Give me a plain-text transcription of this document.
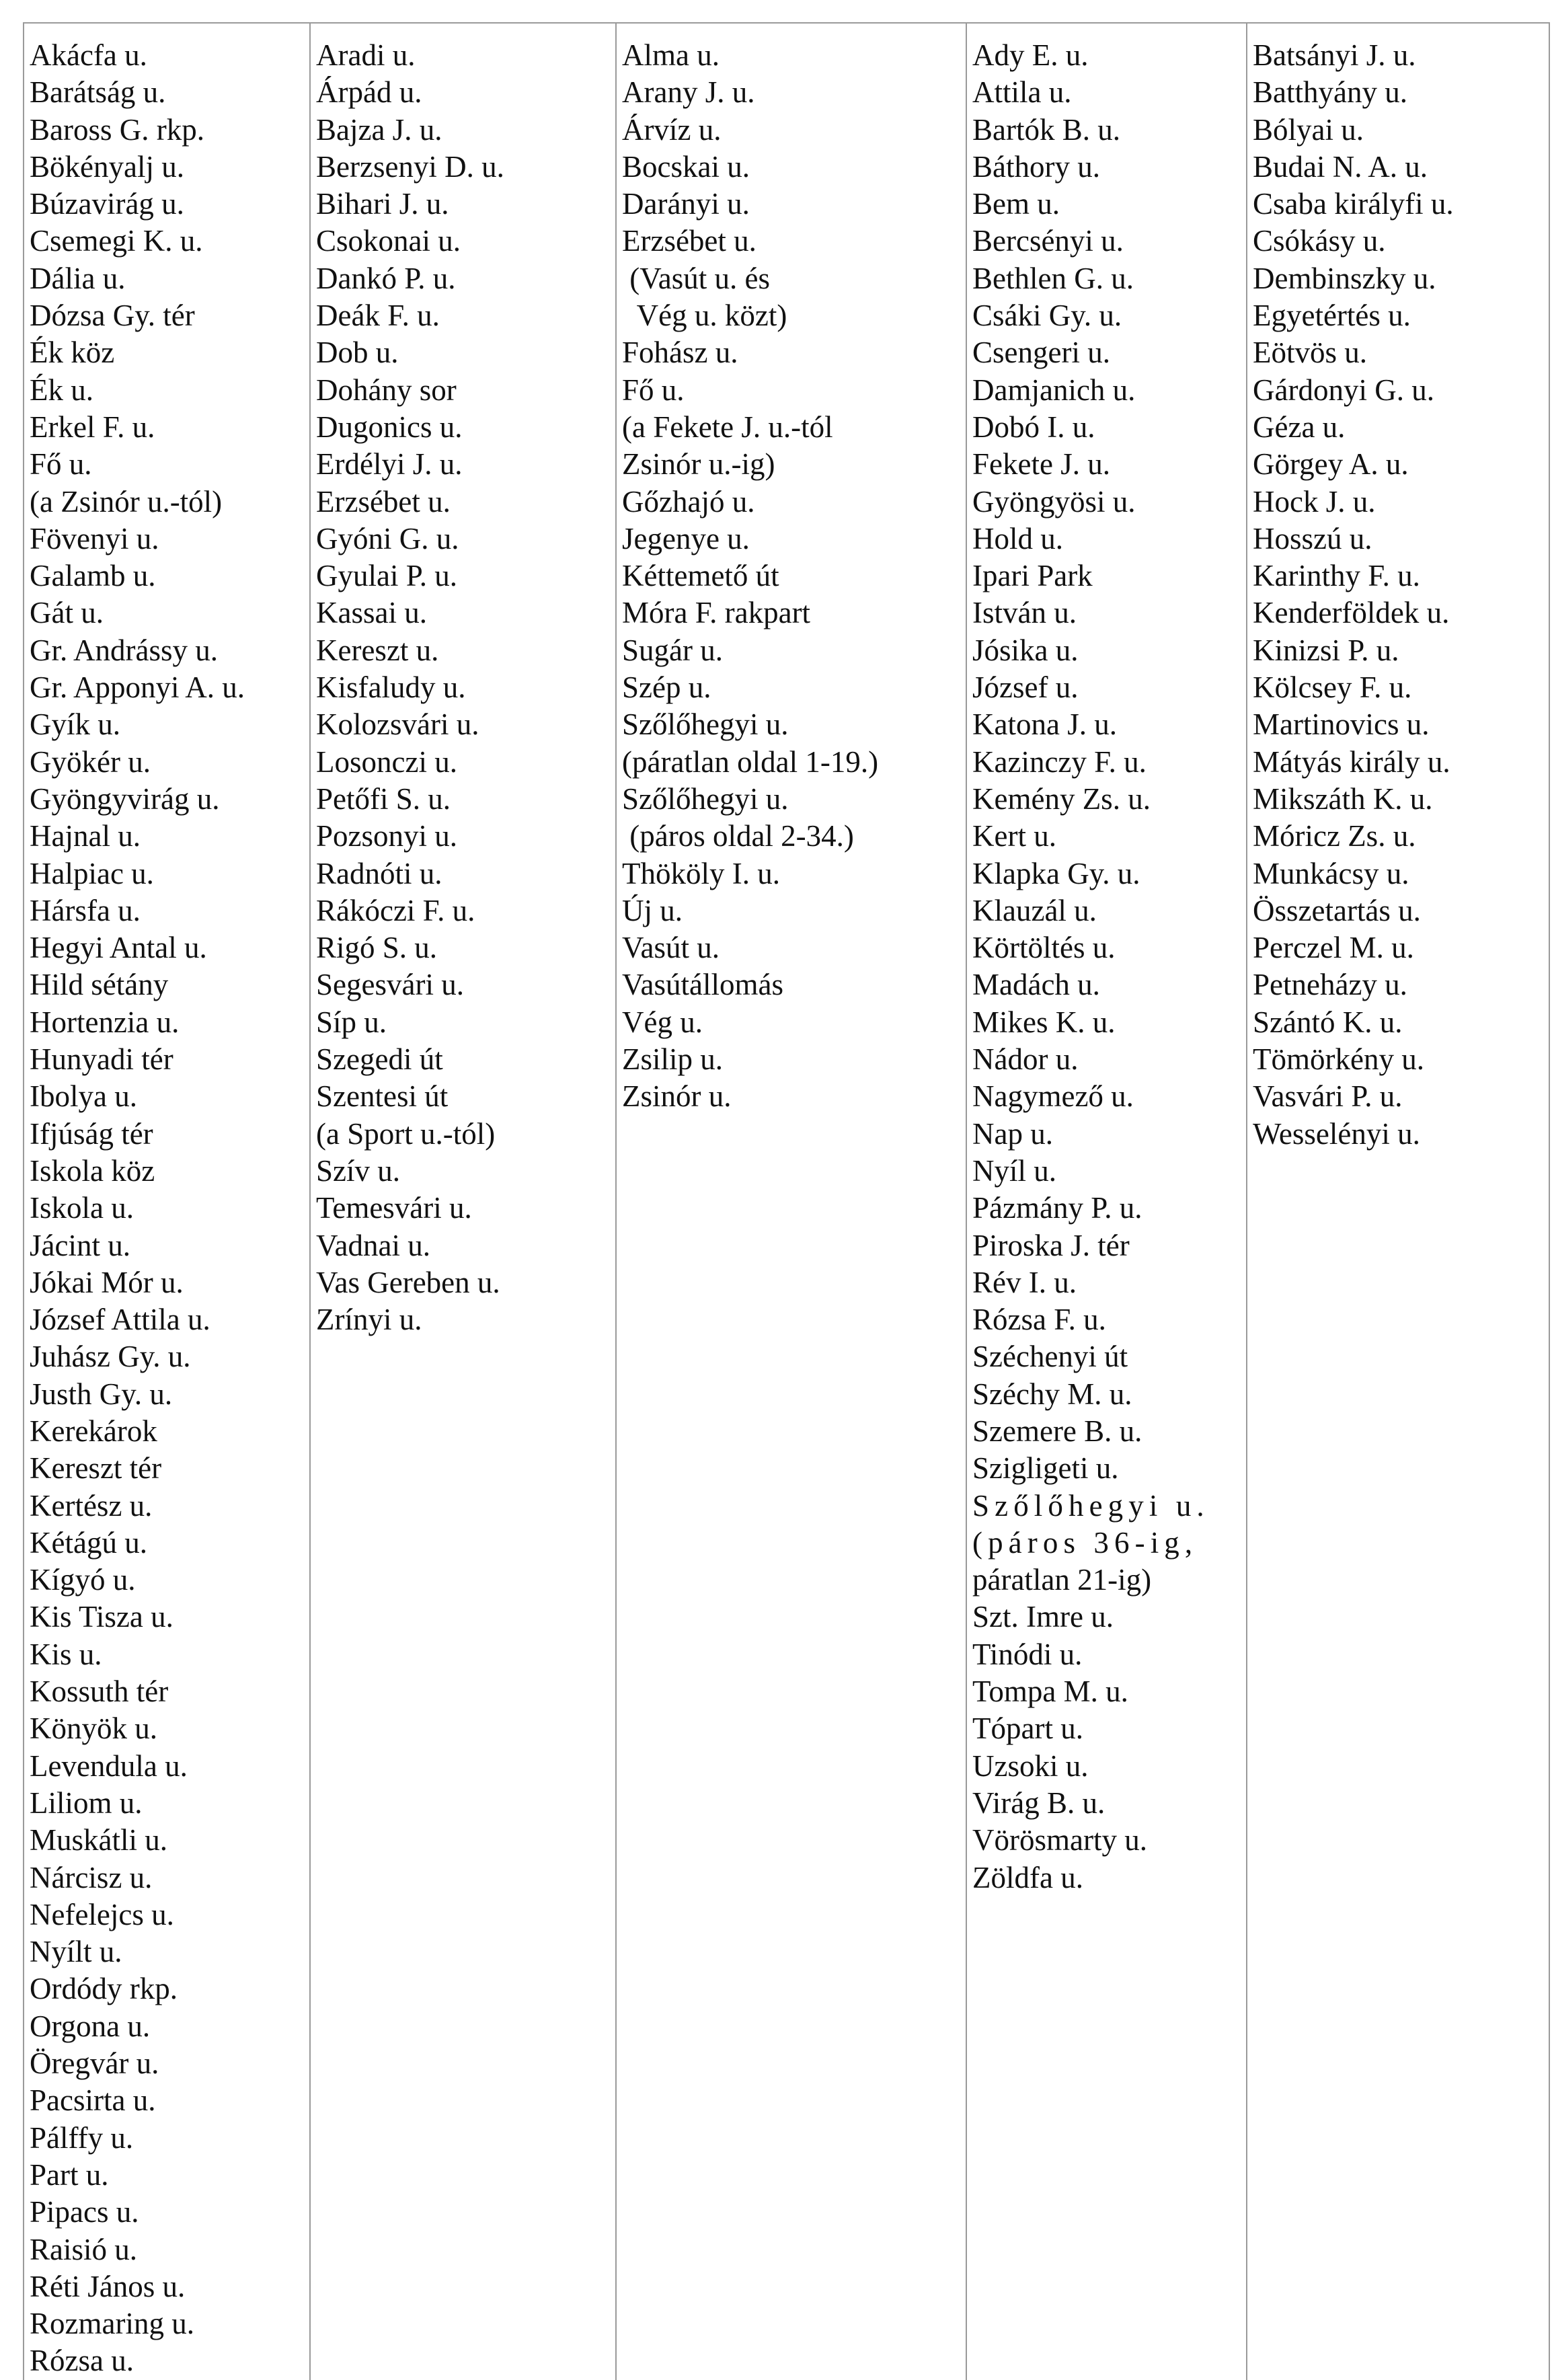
Akácfa u.
Barátság u.
Baross G. rkp.
Bökényalj u.
Búzavirág u.
Csemegi K. u.
Dália u.
Dózsa Gy. tér
Ék köz
Ék u.
Erkel F. u.
Fő u.
(a Zsinór u.-tól)
Fövenyi u.
Galamb u.
Gát u.
Gr. Andrássy u.
Gr. Apponyi A. u.
Gyík u.
Gyökér u.
Gyöngyvirág u.
Hajnal u.
Halpiac u.
Hársfa u.
Hegyi Antal u.
Hild sétány
Hortenzia u.
Hunyadi tér
Ibolya u.
Ifjúság tér
Iskola köz
Iskola u.
Jácint u.
Jókai Mór u.
József Attila u.
Juhász Gy. u.
Justh Gy. u.
Kerekárok
Kereszt tér
Kertész u.
Kétágú u.
Kígyó u.
Kis Tisza u.
Kis u.
Kossuth tér
Könyök u.
Levendula u.
Liliom u.
Muskátli u.
Nárcisz u.
Nefelejcs u.
Nyílt u.
Ordódy rkp.
Orgona u.
Öregvár u.
Pacsirta u.
Pálffy u.
Part u.
Pipacs u.
Raisió u.
Réti János u.
Rozmaring u.
Rózsa u.

Aradi u.
Árpád u.
Bajza J. u.
Berzsenyi D. u.
Bihari J. u.
Csokonai u.
Dankó P. u.
Deák F. u.
Dob u.
Dohány sor
Dugonics u.
Erdélyi J. u.
Erzsébet u.
Gyóni G. u.
Gyulai P. u.
Kassai u.
Kereszt u.
Kisfaludy u.
Kolozsvári u.
Losonczi u.
Petőfi S. u.
Pozsonyi u.
Radnóti u.
Rákóczi F. u.
Rigó S. u.
Segesvári u.
Síp u.
Szegedi út
Szentesi út
(a Sport u.-tól)
Szív u.
Temesvári u.
Vadnai u.
Vas Gereben u.
Zrínyi u.

Alma u.
Arany J. u.
Árvíz u.
Bocskai u.
Darányi u.
Erzsébet u.
(Vasút u. és
Vég u. közt)
Fohász u.
Fő u.
(a Fekete J. u.-tól
Zsinór u.-ig)
Gőzhajó u.
Jegenye u.
Kéttemető út
Móra F. rakpart
Sugár u.
Szép u.
Szőlőhegyi u.
(páratlan oldal 1-19.)
Szőlőhegyi u.
(páros oldal 2-34.)
Thököly I. u.
Új u.
Vasút u.
Vasútállomás
Vég u.
Zsilip u.
Zsinór u.

Ady E. u.
Attila u.
Bartók B. u.
Báthory u.
Bem u.
Bercsényi u.
Bethlen G. u.
Csáki Gy. u.
Csengeri u.
Damjanich u.
Dobó I. u.
Fekete J. u.
Gyöngyösi u.
Hold u.
Ipari Park
István u.
Jósika u.
József u.
Katona J. u.
Kazinczy F. u.
Kemény Zs. u.
Kert u.
Klapka Gy. u.
Klauzál u.
Körtöltés u.
Madách u.
Mikes K. u.
Nádor u.
Nagymező u.
Nap u.
Nyíl u.
Pázmány P. u.
Piroska J. tér
Rév I. u.
Rózsa F. u.
Széchenyi út
Széchy M. u.
Szemere B. u.
Szigligeti u.
Szőlőhegyi u.
(páros 36-ig,
páratlan 21-ig)
Szt. Imre u.
Tinódi u.
Tompa M. u.
Tópart u.
Uzsoki u.
Virág B. u.
Vörösmarty u.
Zöldfa u.

Batsányi J. u.
Batthyány u.
Bólyai u.
Budai N. A. u.
Csaba királyfi u.
Csókásy u.
Dembinszky u.
Egyetértés u.
Eötvös u.
Gárdonyi G. u.
Géza u.
Görgey A. u.
Hock J. u.
Hosszú u.
Karinthy F. u.
Kenderföldek u.
Kinizsi P. u.
Kölcsey F. u.
Martinovics u.
Mátyás király u.
Mikszáth K. u.
Móricz Zs. u.
Munkácsy u.
Összetartás u.
Perczel M. u.
Petneházy u.
Szántó K. u.
Tömörkény u.
Vasvári P. u.
Wesselényi u.
